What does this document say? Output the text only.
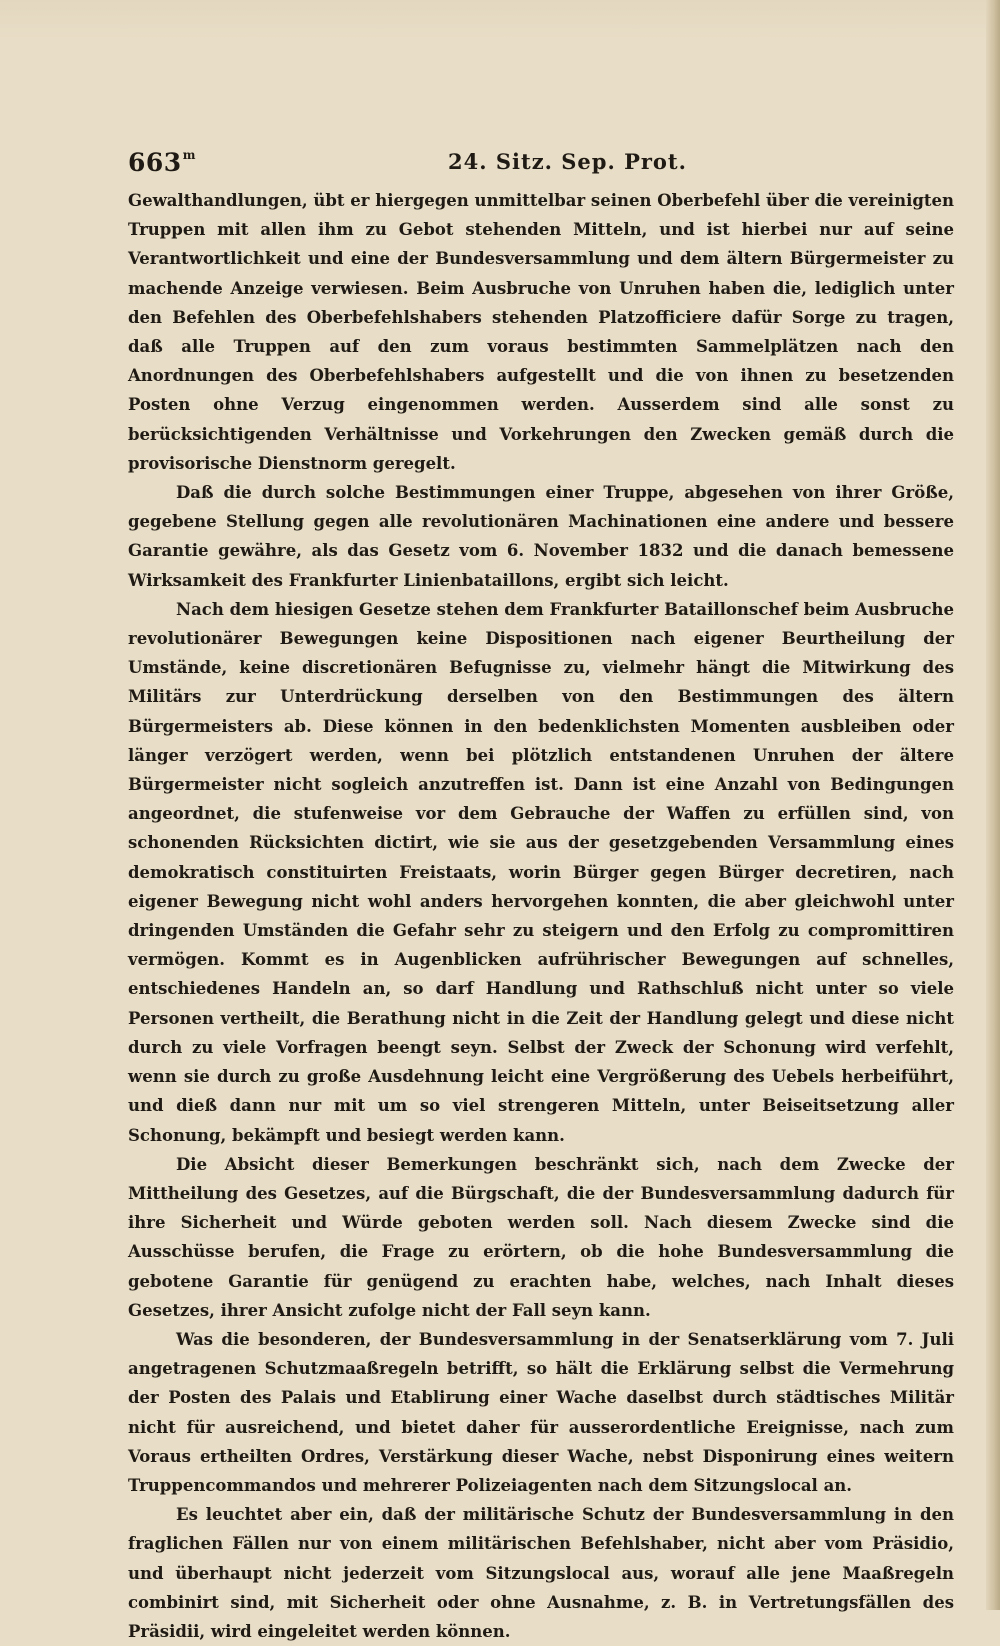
663$^m$	24. Sitz. Sep. Prot.

Gewalthandlungen, übt er hiergegen unmittelbar seinen Oberbefehl über die vereinigten Truppen mit allen ihm zu Gebot stehenden Mitteln, und ist hierbei nur auf seine Verantwortlichkeit und eine der Bundesversammlung und dem ältern Bürgermeister zu machende Anzeige verwiesen. Beim Ausbruche von Unruhen haben die, lediglich unter den Befehlen des Oberbefehlshabers stehenden Platzofficiere dafür Sorge zu tragen, daß alle Truppen auf den zum voraus bestimmten Sammelplätzen nach den Anordnungen des Oberbefehlshabers aufgestellt und die von ihnen zu besetzenden Posten ohne Verzug eingenommen werden. Ausserdem sind alle sonst zu berücksichtigenden Verhältnisse und Vorkehrungen den Zwecken gemäß durch die provisorische Dienstnorm geregelt.

Daß die durch solche Bestimmungen einer Truppe, abgesehen von ihrer Größe, gegebene Stellung gegen alle revolutionären Machinationen eine andere und bessere Garantie gewähre, als das Gesetz vom 6. November 1832 und die danach bemessene Wirksamkeit des Frankfurter Linienbataillons, ergibt sich leicht.

Nach dem hiesigen Gesetze stehen dem Frankfurter Bataillonschef beim Ausbruche revolutionärer Bewegungen keine Dispositionen nach eigener Beurtheilung der Umstände, keine discretionären Befugnisse zu, vielmehr hängt die Mitwirkung des Militärs zur Unterdrückung derselben von den Bestimmungen des ältern Bürgermeisters ab. Diese können in den bedenklichsten Momenten ausbleiben oder länger verzögert werden, wenn bei plötzlich entstandenen Unruhen der ältere Bürgermeister nicht sogleich anzutreffen ist. Dann ist eine Anzahl von Bedingungen angeordnet, die stufenweise vor dem Gebrauche der Waffen zu erfüllen sind, von schonenden Rücksichten dictirt, wie sie aus der gesetzgebenden Versammlung eines demokratisch constituirten Freistaats, worin Bürger gegen Bürger decretiren, nach eigener Bewegung nicht wohl anders hervorgehen konnten, die aber gleichwohl unter dringenden Umständen die Gefahr sehr zu steigern und den Erfolg zu compromittiren vermögen. Kommt es in Augenblicken aufrührischer Bewegungen auf schnelles, entschiedenes Handeln an, so darf Handlung und Rathschluß nicht unter so viele Personen vertheilt, die Berathung nicht in die Zeit der Handlung gelegt und diese nicht durch zu viele Vorfragen beengt seyn. Selbst der Zweck der Schonung wird verfehlt, wenn sie durch zu große Ausdehnung leicht eine Vergrößerung des Uebels herbeiführt, und dieß dann nur mit um so viel strengeren Mitteln, unter Beiseitsetzung aller Schonung, bekämpft und besiegt werden kann.

Die Absicht dieser Bemerkungen beschränkt sich, nach dem Zwecke der Mittheilung des Gesetzes, auf die Bürgschaft, die der Bundesversammlung dadurch für ihre Sicherheit und Würde geboten werden soll. Nach diesem Zwecke sind die Ausschüsse berufen, die Frage zu erörtern, ob die hohe Bundesversammlung die gebotene Garantie für genügend zu erachten habe, welches, nach Inhalt dieses Gesetzes, ihrer Ansicht zufolge nicht der Fall seyn kann.

Was die besonderen, der Bundesversammlung in der Senatserklärung vom 7. Juli angetragenen Schutzmaaßregeln betrifft, so hält die Erklärung selbst die Vermehrung der Posten des Palais und Etablirung einer Wache daselbst durch städtisches Militär nicht für ausreichend, und bietet daher für ausserordentliche Ereignisse, nach zum Voraus ertheilten Ordres, Verstärkung dieser Wache, nebst Disponirung eines weitern Truppencommandos und mehrerer Polizeiagenten nach dem Sitzungslocal an.

Es leuchtet aber ein, daß der militärische Schutz der Bundesversammlung in den fraglichen Fällen nur von einem militärischen Befehlshaber, nicht aber vom Präsidio, und überhaupt nicht jederzeit vom Sitzungslocal aus, worauf alle jene Maaßregeln combinirt sind, mit Sicherheit oder ohne Ausnahme, z. B. in Vertretungsfällen des Präsidii, wird eingeleitet werden können.
